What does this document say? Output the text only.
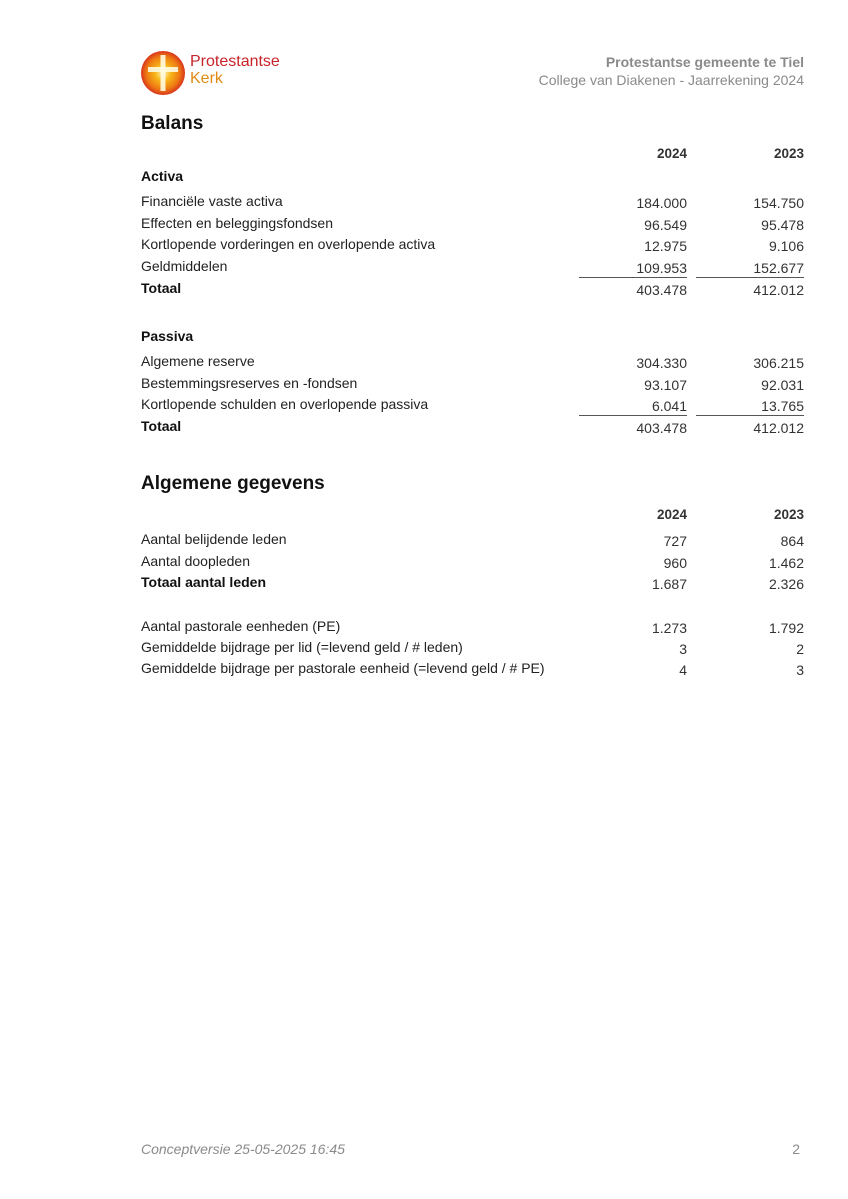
Protestantse
Kerk
Protestantse gemeente te Tiel
College van Diakenen - Jaarrekening 2024
Balans
2024	2023
Activa
Financiële vaste activa	184.000	154.750
Effecten en beleggingsfondsen	96.549	95.478
Kortlopende vorderingen en overlopende activa	12.975	9.106
Geldmiddelen	109.953	152.677
Totaal	403.478	412.012
Passiva
Algemene reserve	304.330	306.215
Bestemmingsreserves en -fondsen	93.107	92.031
Kortlopende schulden en overlopende passiva	6.041	13.765
Totaal	403.478	412.012
Algemene gegevens
2024	2023
Aantal belijdende leden	727	864
Aantal doopleden	960	1.462
Totaal aantal leden	1.687	2.326
Aantal pastorale eenheden (PE)	1.273	1.792
Gemiddelde bijdrage per lid (=levend geld / # leden)	3	2
Gemiddelde bijdrage per pastorale eenheid (=levend geld / # PE)	4	3
Conceptversie 25-05-2025 16:45	2
